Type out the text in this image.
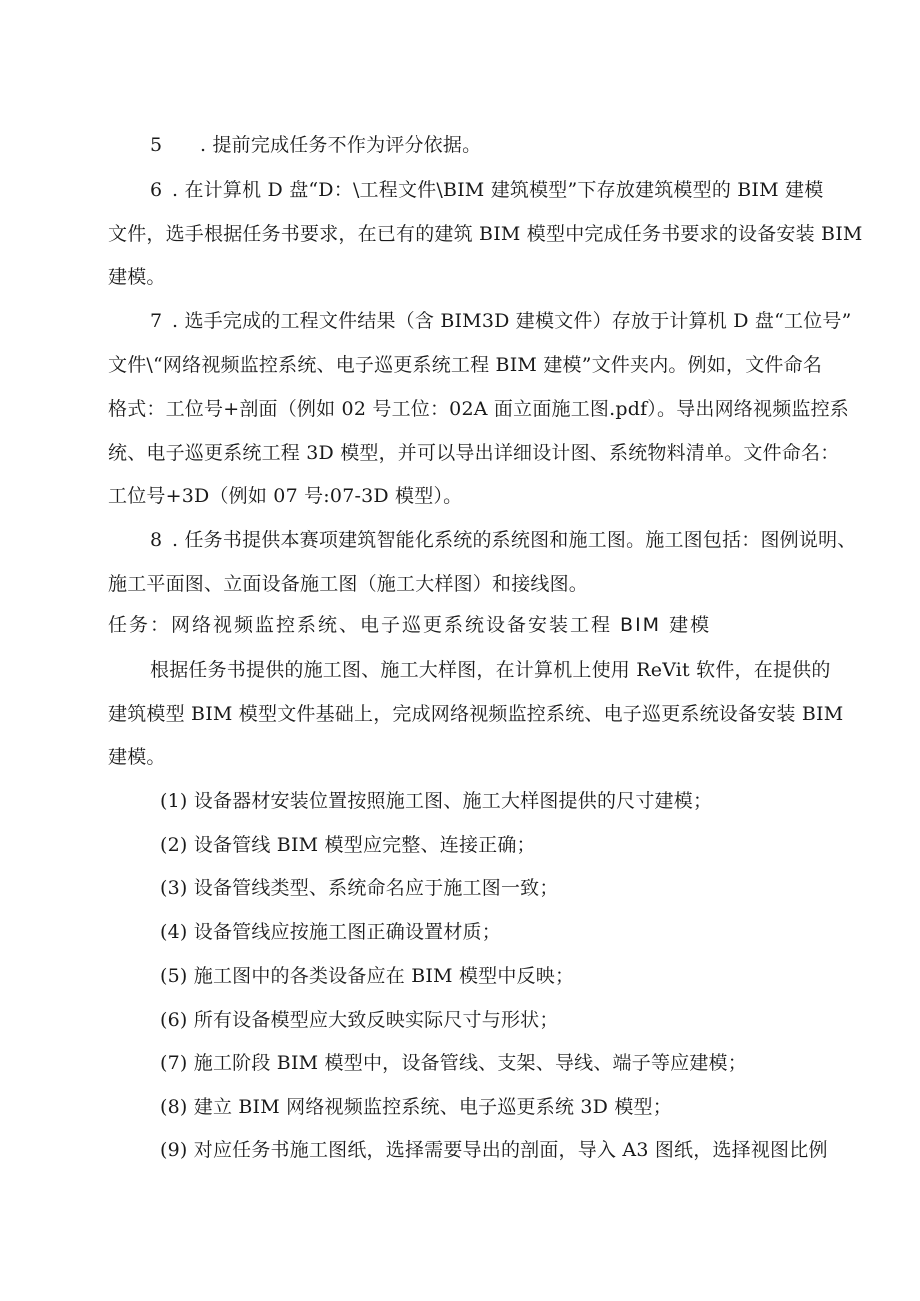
5 . 提前完成任务不作为评分依据。
6 . 在计算机 D 盘“D：\工程文件\BIM 建筑模型”下存放建筑模型的 BIM 建模
文件，选手根据任务书要求，在已有的建筑 BIM 模型中完成任务书要求的设备安装 BIM
建模。
7 . 选手完成的工程文件结果（含 BIM3D 建模文件）存放于计算机 D 盘“工位号”
文件\“网络视频监控系统、电子巡更系统工程 BIM 建模”文件夹内。例如，文件命名
格式：工位号+剖面（例如 02 号工位：02A 面立面施工图.pdf）。导出网络视频监控系
统、电子巡更系统工程 3D 模型，并可以导出详细设计图、系统物料清单。文件命名：
工位号+3D（例如 07 号:07-3D 模型）。
8 . 任务书提供本赛项建筑智能化系统的系统图和施工图。施工图包括：图例说明、
施工平面图、立面设备施工图（施工大样图）和接线图。
任务：网络视频监控系统、电子巡更系统设备安装工程 BIM 建模
根据任务书提供的施工图、施工大样图，在计算机上使用 ReVit 软件，在提供的
建筑模型 BIM 模型文件基础上，完成网络视频监控系统、电子巡更系统设备安装 BIM
建模。
(1) 设备器材安装位置按照施工图、施工大样图提供的尺寸建模；
(2) 设备管线 BIM 模型应完整、连接正确；
(3) 设备管线类型、系统命名应于施工图一致；
(4) 设备管线应按施工图正确设置材质；
(5) 施工图中的各类设备应在 BIM 模型中反映；
(6) 所有设备模型应大致反映实际尺寸与形状；
(7) 施工阶段 BIM 模型中，设备管线、支架、导线、端子等应建模；
(8) 建立 BIM 网络视频监控系统、电子巡更系统 3D 模型；
(9) 对应任务书施工图纸，选择需要导出的剖面，导入 A3 图纸，选择视图比例
